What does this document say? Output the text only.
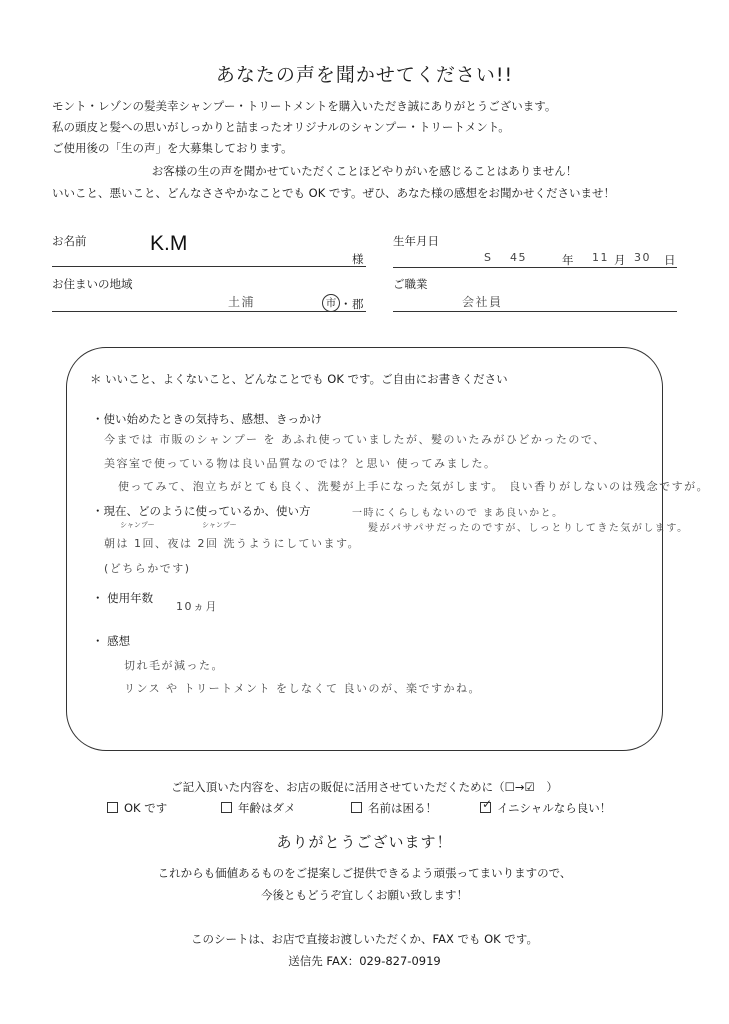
あなたの声を聞かせてください!!
モント・レゾンの髪美幸シャンプー・トリートメントを購入いただき誠にありがとうございます。
私の頭皮と髪への思いがしっかりと詰まったオリジナルのシャンプー・トリートメント。
ご使用後の「生の声」を大募集しております。
お客様の生の声を聞かせていただくことほどやりがいを感じることはありません！
いいこと、悪いこと、どんなささやかなことでも OK です。ぜひ、あなた様の感想をお聞かせくださいませ！
お名前	K.M
様
生年月日
S 45	年 11 月 30 日
お住まいの地域
土浦	市 ・ 郡
ご職業
会社員
＊ いいこと、よくないこと、どんなことでも OK です。ご自由にお書きください
・使い始めたときの気持ち、感想、きっかけ
今までは 市販のシャンプー を あふれ使っていましたが、髪のいたみがひどかったので、
美容室で使っている物は良い品質なのでは？と思い 使ってみました。
使ってみて、泡立ちがとても良く、洗髪が上手になった気がします。 良い香りがしないのは残念ですが。
・現在、どのように使っているか、使い方	一時にくらしもないので まあ良いかと。
シャンプー	シャンプー
朝は 1回、夜は 2回 洗うようにしています。
髪がパサパサだったのですが、しっとりしてきた気がします。
(どちらかです)
・ 使用年数
10ヵ月
・ 感想
切れ毛が減った。
リンス や トリートメント をしなくて 良いのが、楽ですかね。
ご記入頂いた内容を、お店の販促に活用させていただくために（☐→☑　）
OK です	年齢はダメ	名前は困る！	✓ イニシャルなら良い！
ありがとうございます！
これからも価値あるものをご提案しご提供できるよう頑張ってまいりますので、
今後ともどうぞ宜しくお願い致します！
このシートは、お店で直接お渡しいただくか、FAX でも OK です。
送信先 FAX：029-827-0919
